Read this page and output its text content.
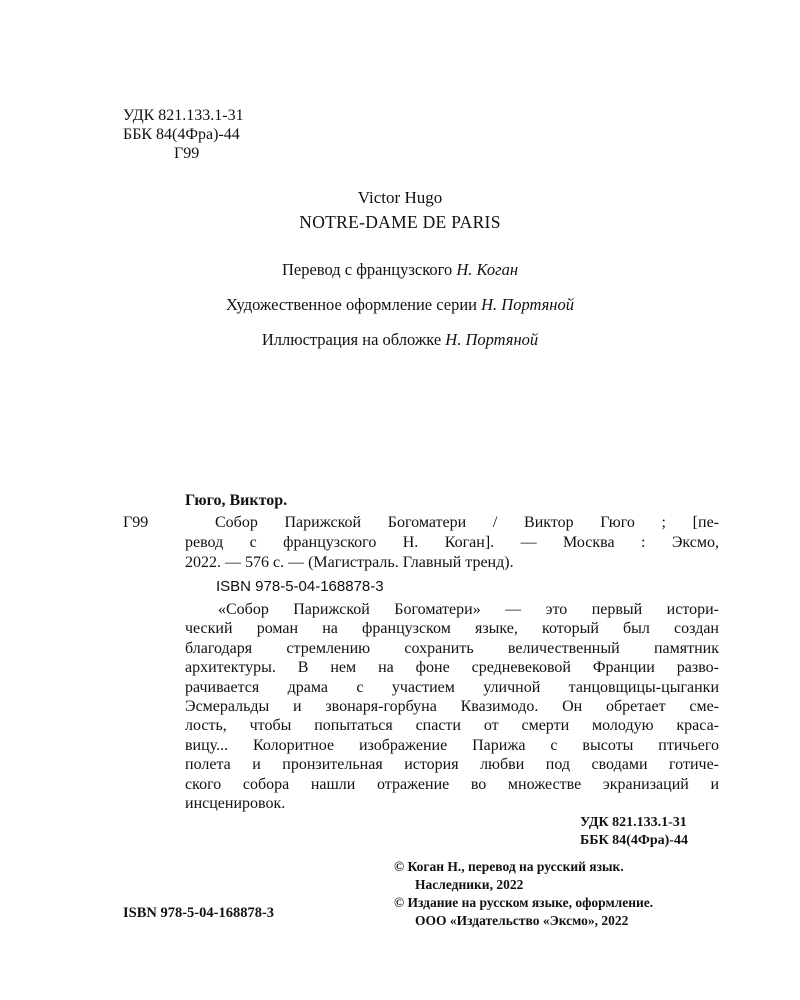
УДК 821.133.1-31
ББК 84(4Фра)-44
Г99
Victor Hugo
NOTRE-DAME DE PARIS
Перевод с французского Н. Коган
Художественное оформление серии Н. Портяной
Иллюстрация на обложке Н. Портяной
Гюго, Виктор.
Г99	Собор Парижской Богоматери / Виктор Гюго ; [пе-
ревод с французского Н. Коган]. — Москва : Эксмо,
2022. — 576 с. — (Магистраль. Главный тренд).
ISBN 978-5-04-168878-3
«Собор Парижской Богоматери» — это первый истори-
ческий роман на французском языке, который был создан
благодаря стремлению сохранить величественный памятник
архитектуры. В нем на фоне средневековой Франции разво-
рачивается драма с участием уличной танцовщицы-цыганки
Эсмеральды и звонаря-горбуна Квазимодо. Он обретает сме-
лость, чтобы попытаться спасти от смерти молодую краса-
вицу... Колоритное изображение Парижа с высоты птичьего
полета и пронзительная история любви под сводами готиче-
ского собора нашли отражение во множестве экранизаций и
инсценировок.
УДК 821.133.1-31
ББК 84(4Фра)-44
ISBN 978-5-04-168878-3
© Коган Н., перевод на русский язык.
Наследники, 2022
© Издание на русском языке, оформление.
ООО «Издательство «Эксмо», 2022
